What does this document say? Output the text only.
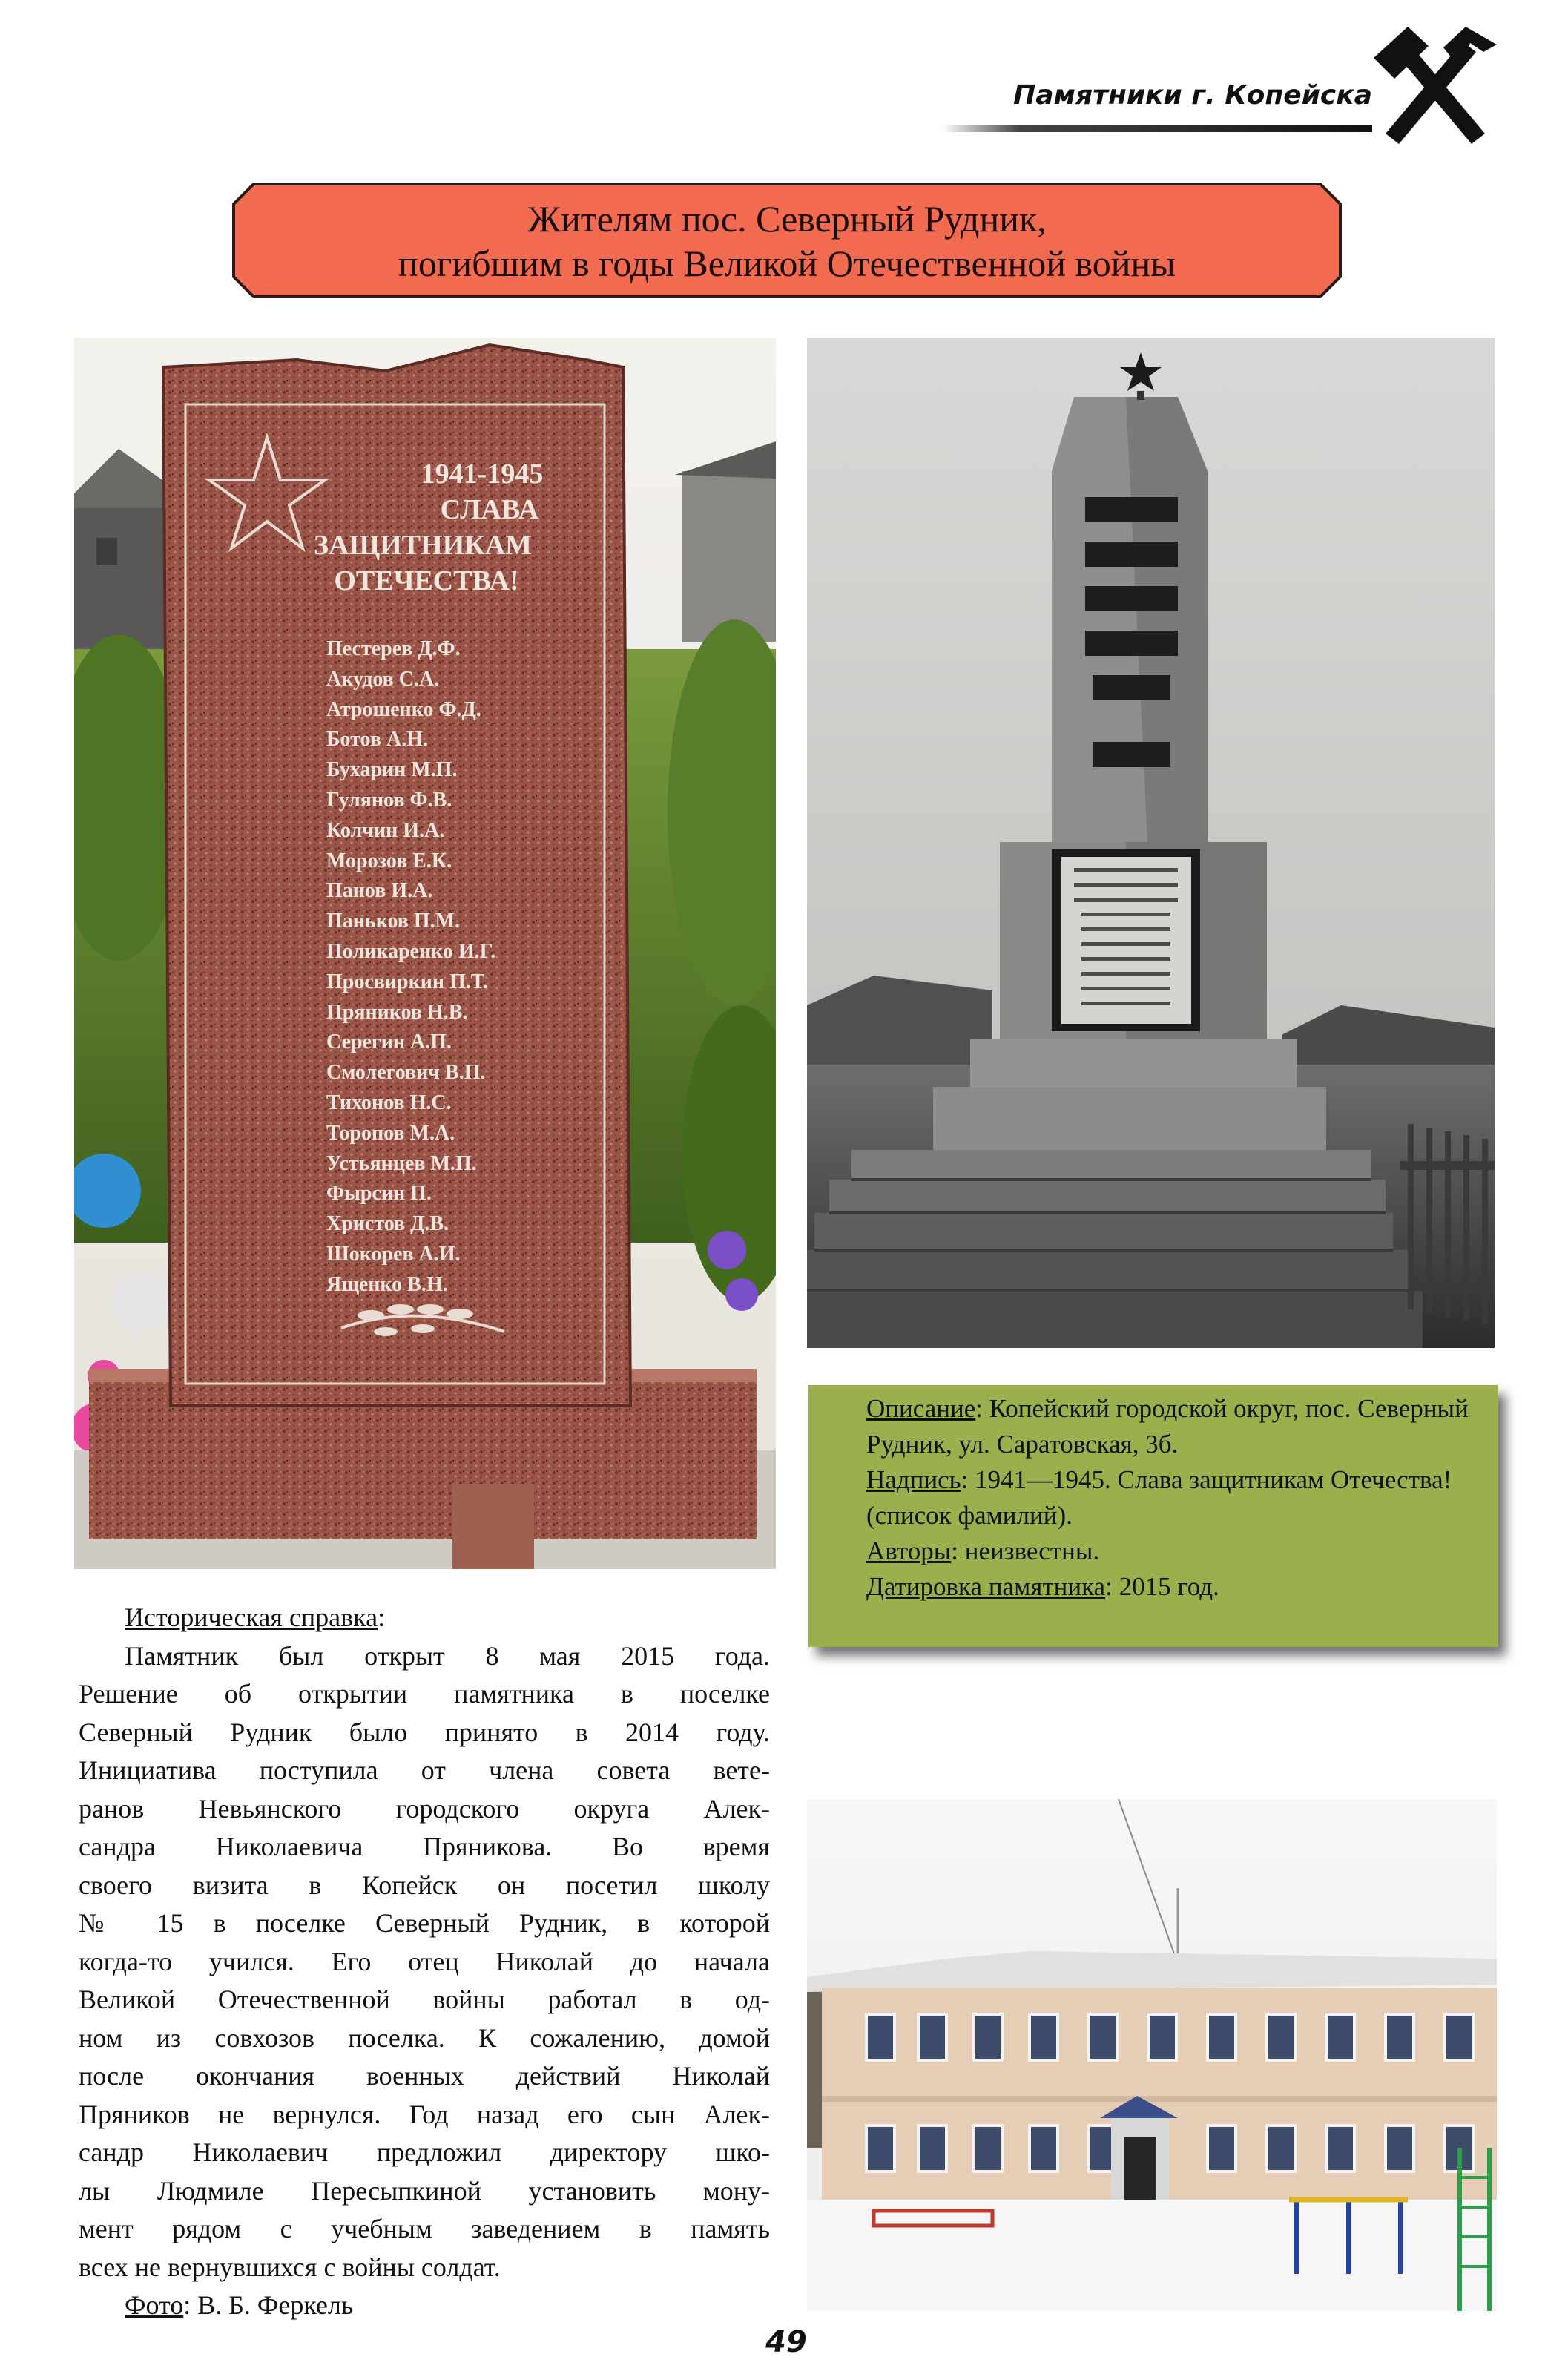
Памятники г. Копейска
Жителям пос. Северный Рудник,
погибшим в годы Великой Отечественной войны
1941-1945
СЛАВА
ЗАЩИТНИКАМ
ОТЕЧЕСТВА!
Пестерев Д.Ф.
Акудов С.А.
Атрошенко Ф.Д.
Ботов А.Н.
Бухарин М.П.
Гулянов Ф.В.
Колчин И.А.
Морозов Е.К.
Панов И.А.
Паньков П.М.
Поликаренко И.Г.
Просвиркин П.Т.
Пряников Н.В.
Серегин А.П.
Смолегович В.П.
Тихонов Н.С.
Торопов М.А.
Устьянцев М.П.
Фырсин П.
Христов Д.В.
Шокорев А.И.
Ященко В.Н.
Описание: Копейский городской округ, пос. Северный Рудник, ул. Саратовская, 3б.
Надпись: 1941—1945. Слава защитникам Отечества! (список фамилий).
Авторы: неизвестны.
Датировка памятника: 2015 год.
Историческая справка:
Памятник был открыт 8 мая 2015 года.
Решение об открытии памятника в поселке
Северный Рудник было принято в 2014 году.
Инициатива поступила от члена совета ветe-
ранов Невьянского городского округа Алек-
сандра Николаевича Пряникова. Во время
своего визита в Копейск он посетил школу
№ 15 в поселке Северный Рудник, в которой
когда-то учился. Его отец Николай до начала
Великой Отечественной войны работал в од-
ном из совхозов поселка. К сожалению, домой
после окончания военных действий Николай
Пряников не вернулся. Год назад его сын Алек-
сандр Николаевич предложил директору шко-
лы Людмиле Пересыпкиной установить мону-
мент рядом с учебным заведением в память
всех не вернувшихся с войны солдат.
Фото: В. Б. Феркель
49
